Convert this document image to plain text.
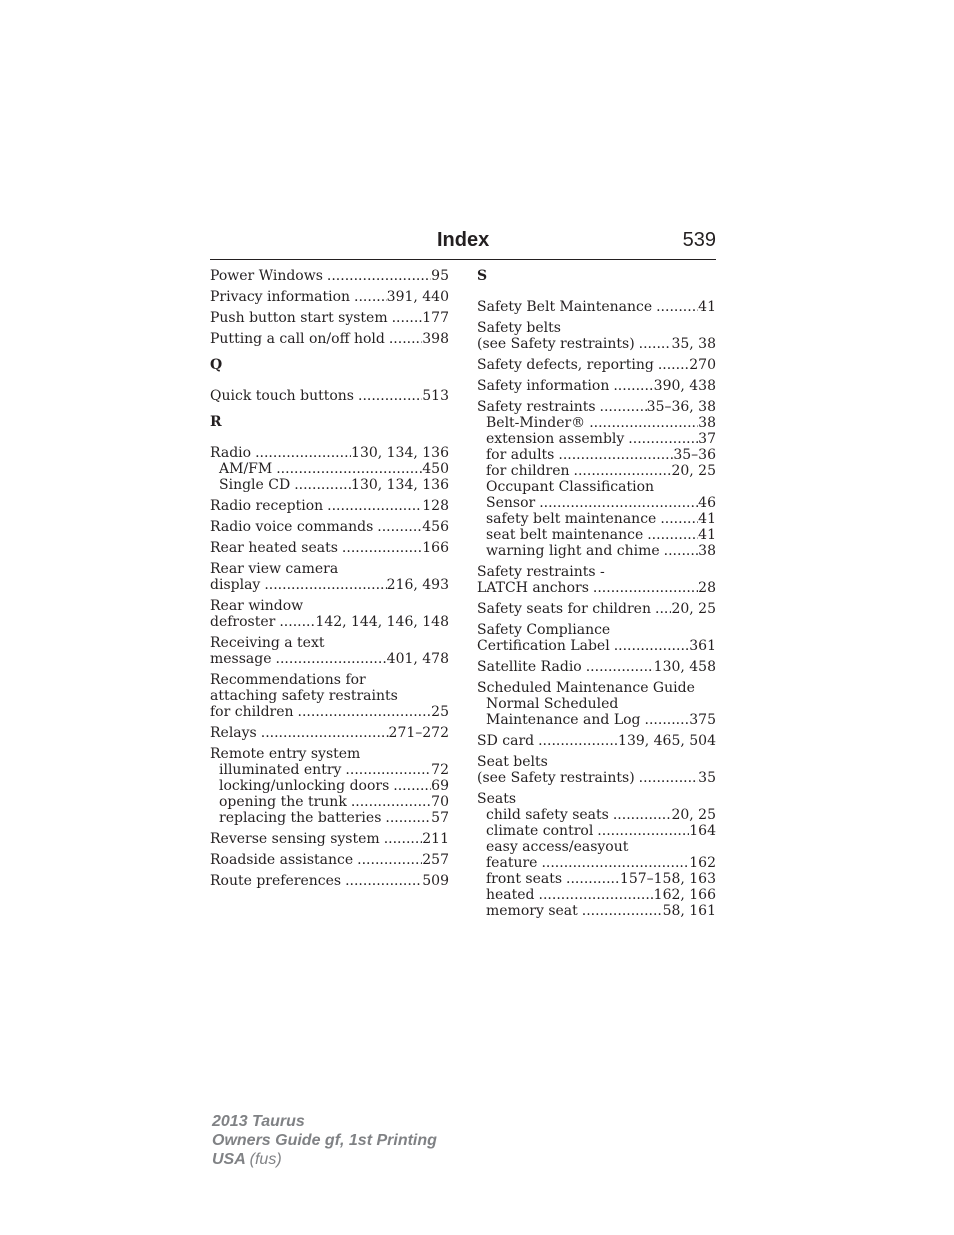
Index	539
Power Windows .....	95
Privacy information .....	391, 440
Push button start system ..... 177
Putting a call on/off hold .....	398
Q
Quick touch buttons .....	513
R
Radio .....	130, 134, 136
AM/FM .....	450
Single CD .....	130, 134, 136
Radio reception .....	128
Radio voice commands .....	456
Rear heated seats .....	166
Rear view camera
display .....	216, 493
Rear window
defroster .....	142, 144, 146, 148
Receiving a text
message .....	401, 478
Recommendations for
attaching safety restraints
for children .....	25
Relays .....	271–272
Remote entry system
illuminated entry .....	72
locking/unlocking doors .....	69
opening the trunk .....	70
replacing the batteries .....	57
Reverse sensing system .....	211
Roadside assistance .....	257
Route preferences .....	509
S
Safety Belt Maintenance .....	41
Safety belts
(see Safety restraints) .....	35, 38
Safety defects, reporting .....	270
Safety information .....	390, 438
Safety restraints .....	35–36, 38
Belt-Minder® .....	38
extension assembly .....	37
for adults .....	35–36
for children .....	20, 25
Occupant Classification
Sensor .....	46
safety belt maintenance .....	41
seat belt maintenance .....	41
warning light and chime .....	38
Safety restraints -
LATCH anchors .....	28
Safety seats for children ..... 20, 25
Safety Compliance
Certification Label .....	361
Satellite Radio .....	130, 458
Scheduled Maintenance Guide
Normal Scheduled
Maintenance and Log .....	375
SD card .....	139, 465, 504
Seat belts
(see Safety restraints) .....	35
Seats
child safety seats .....	20, 25
climate control .....	164
easy access/easyout
feature .....	162
front seats .....	157–158, 163
heated .....	162, 166
memory seat .....	58, 161
2013 Taurus
Owners Guide gf, 1st Printing
USA (fus)
